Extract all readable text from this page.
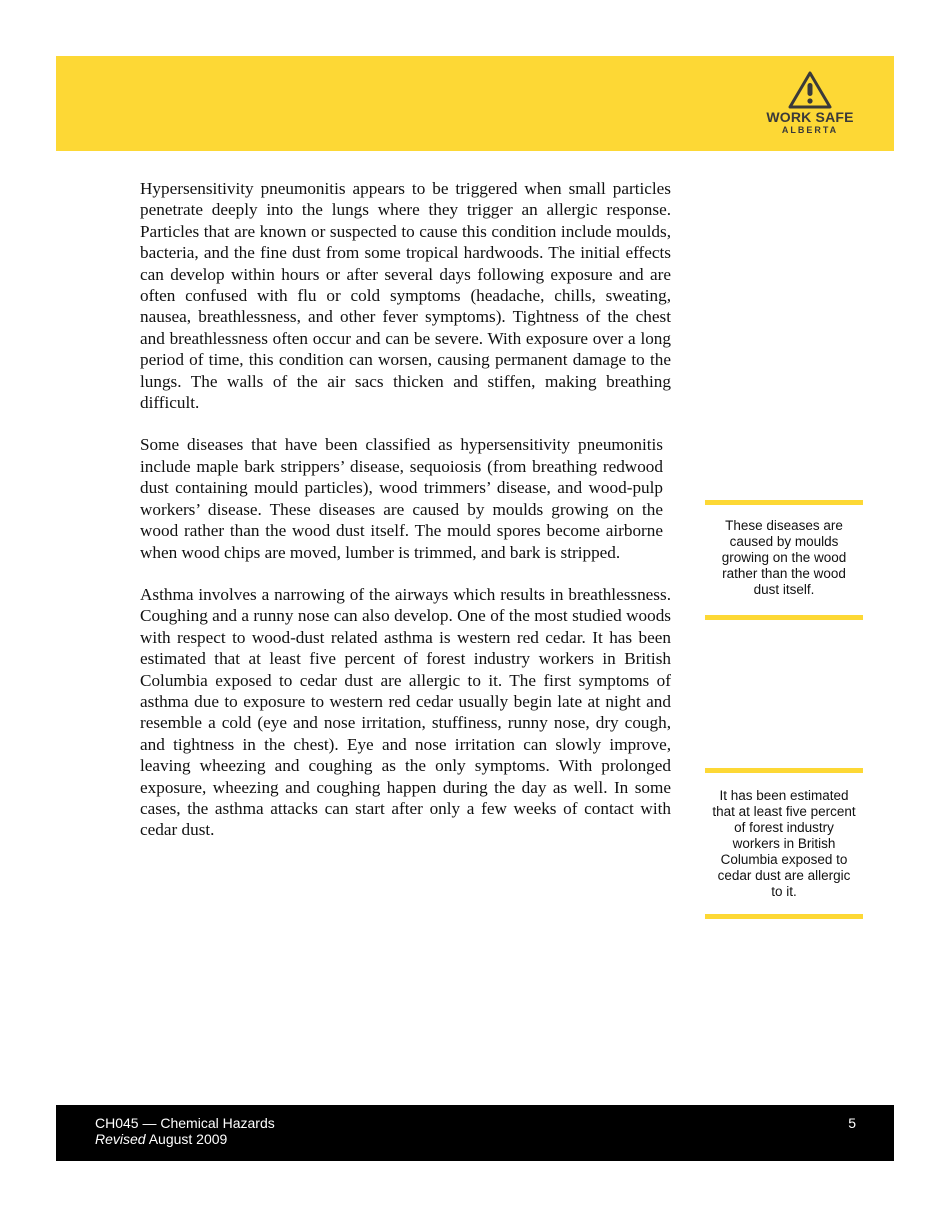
WORK SAFE
ALBERTA

Hypersensitivity pneumonitis appears to be triggered when small particles penetrate deeply into the lungs where they trigger an allergic response. Particles that are known or suspected to cause this condition include moulds, bacteria, and the fine dust from some tropical hardwoods. The initial effects can develop within hours or after several days following exposure and are often confused with flu or cold symptoms (headache, chills, sweating, nausea, breathlessness, and other fever symptoms). Tightness of the chest and breathlessness often occur and can be severe. With exposure over a long period of time, this condition can worsen, causing permanent damage to the lungs. The walls of the air sacs thicken and stiffen, making breathing difficult.

Some diseases that have been classified as hypersensitivity pneumonitis include maple bark strippers’ disease, sequoiosis (from breathing redwood dust containing mould particles), wood trimmers’ disease, and wood-pulp workers’ disease. These diseases are caused by moulds growing on the wood rather than the wood dust itself. The mould spores become airborne when wood chips are moved, lumber is trimmed, and bark is stripped.

Asthma involves a narrowing of the airways which results in breathlessness. Coughing and a runny nose can also develop. One of the most studied woods with respect to wood-dust related asthma is western red cedar. It has been estimated that at least five percent of forest industry workers in British Columbia exposed to cedar dust are allergic to it. The first symptoms of asthma due to exposure to western red cedar usually begin late at night and resemble a cold (eye and nose irritation, stuffiness, runny nose, dry cough, and tightness in the chest). Eye and nose irritation can slowly improve, leaving wheezing and coughing as the only symptoms. With prolonged exposure, wheezing and coughing happen during the day as well. In some cases, the asthma attacks can start after only a few weeks of contact with cedar dust.

These diseases are caused by moulds growing on the wood rather than the wood dust itself.
It has been estimated that at least five percent of forest industry workers in British Columbia exposed to cedar dust are allergic to it.
CH045 — Chemical Hazards
Revised August 2009
5
